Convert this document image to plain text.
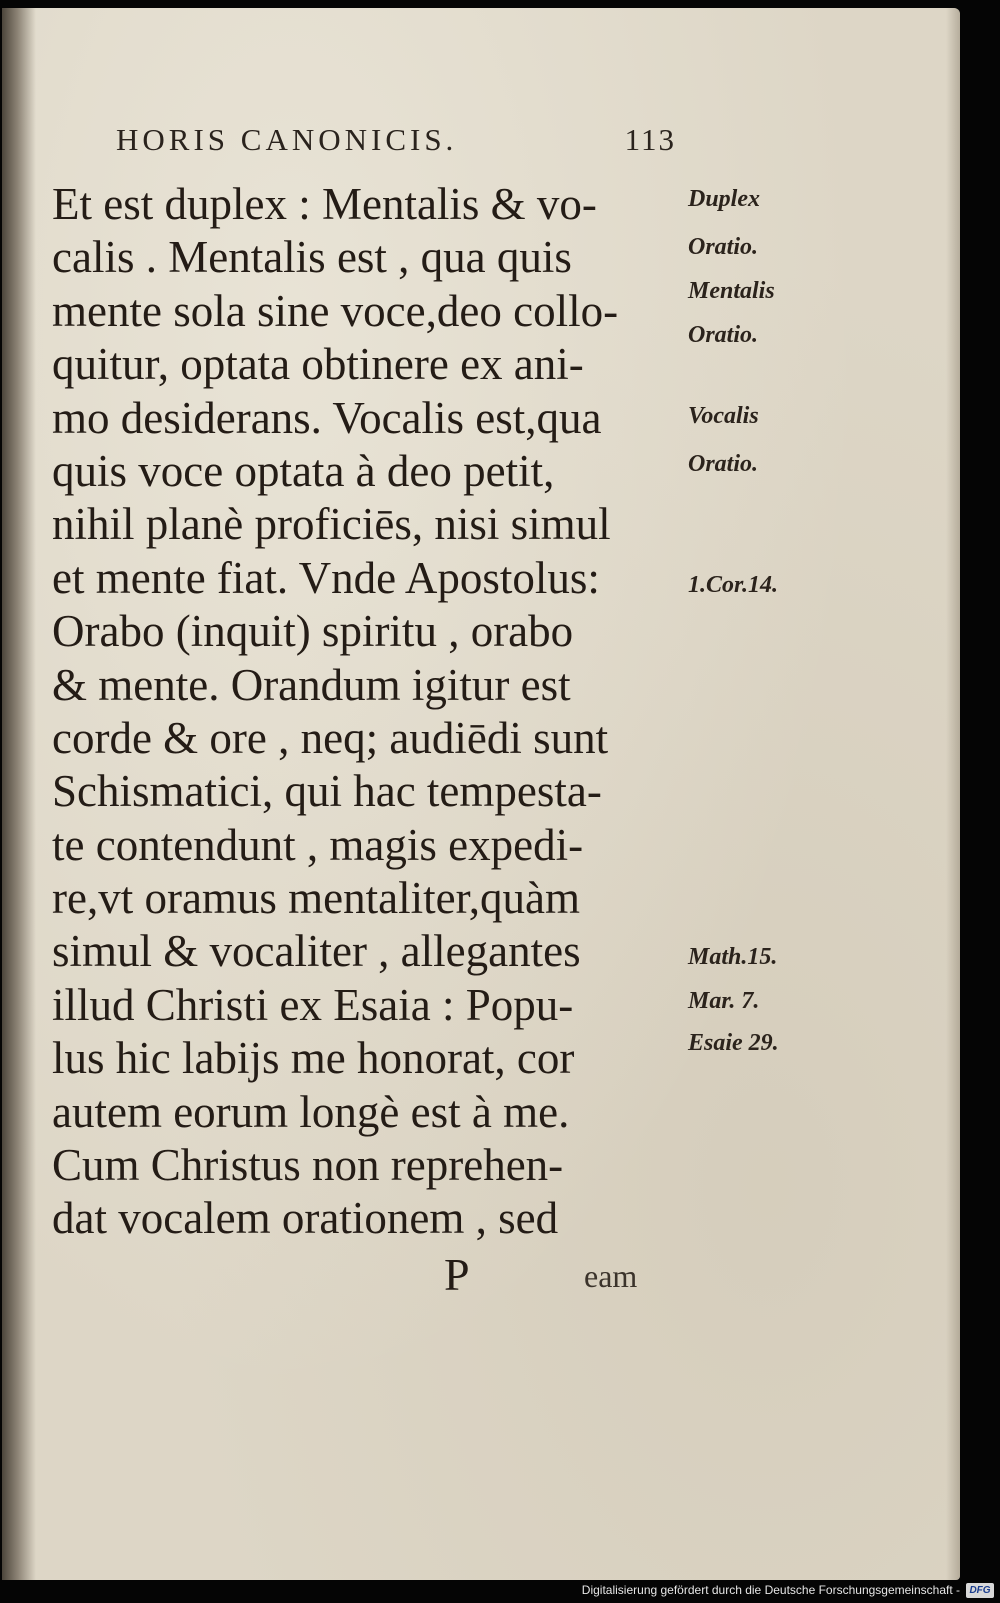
HORIS CANONICIS.	113
Et est duplex : Mentalis & vo-
calis . Mentalis est , qua quis
mente sola sine voce,deo collo-
quitur, optata obtinere ex ani-
mo desiderans. Vocalis est,qua
quis voce optata à deo petit,
nihil planè proficiēs, nisi simul
et mente fiat. Vnde Apostolus:
Orabo (inquit) spiritu , orabo
& mente. Orandum igitur est
corde & ore , neq; audiēdi sunt
Schismatici, qui hac tempesta-
te contendunt , magis expedi-
re,vt oramus mentaliter,quàm
simul & vocaliter , allegantes
illud Christi ex Esaia : Popu-
lus hic labijs me honorat, cor
autem eorum longè est à me.
Cum Christus non reprehen-
dat vocalem orationem , sed
Duplex
Oratio.
Mentalis
Oratio.
Vocalis
Oratio.
1.Cor.14.
Math.15.
Mar. 7.
Esaie 29.
P	eam
Digitalisierung gefördert durch die Deutsche Forschungsgemeinschaft - DFG
